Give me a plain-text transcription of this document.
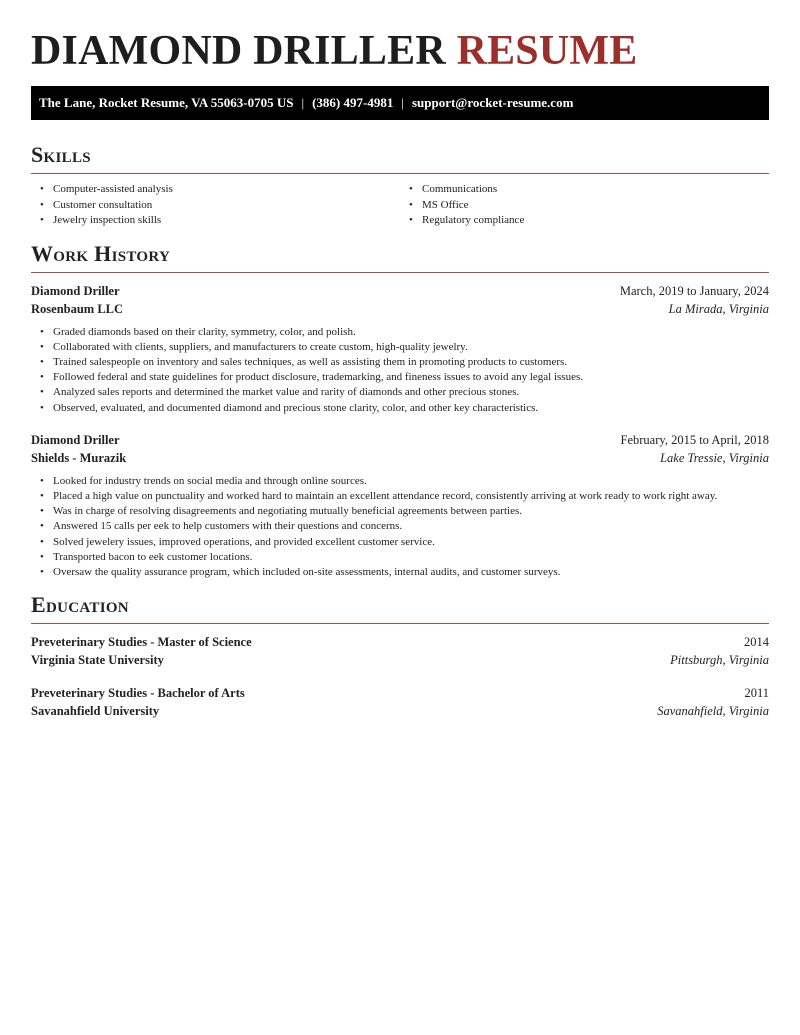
DIAMOND DRILLER RESUME
The Lane, Rocket Resume, VA 55063-0705 US | (386) 497-4981 | support@rocket-resume.com
Skills
• Computer-assisted analysis
• Customer consultation
• Jewelry inspection skills
• Communications
• MS Office
• Regulatory compliance
Work History
Diamond Driller	March, 2019 to January, 2024
Rosenbaum LLC	La Mirada, Virginia
• Graded diamonds based on their clarity, symmetry, color, and polish.
• Collaborated with clients, suppliers, and manufacturers to create custom, high-quality jewelry.
• Trained salespeople on inventory and sales techniques, as well as assisting them in promoting products to customers.
• Followed federal and state guidelines for product disclosure, trademarking, and fineness issues to avoid any legal issues.
• Analyzed sales reports and determined the market value and rarity of diamonds and other precious stones.
• Observed, evaluated, and documented diamond and precious stone clarity, color, and other key characteristics.
Diamond Driller	February, 2015 to April, 2018
Shields - Murazik	Lake Tressie, Virginia
• Looked for industry trends on social media and through online sources.
• Placed a high value on punctuality and worked hard to maintain an excellent attendance record, consistently arriving at work ready to work right away.
• Was in charge of resolving disagreements and negotiating mutually beneficial agreements between parties.
• Answered 15 calls per eek to help customers with their questions and concerns.
• Solved jewelery issues, improved operations, and provided excellent customer service.
• Transported bacon to eek customer locations.
• Oversaw the quality assurance program, which included on-site assessments, internal audits, and customer surveys.
Education
Preveterinary Studies - Master of Science	2014
Virginia State University	Pittsburgh, Virginia
Preveterinary Studies - Bachelor of Arts	2011
Savanahfield University	Savanahfield, Virginia
